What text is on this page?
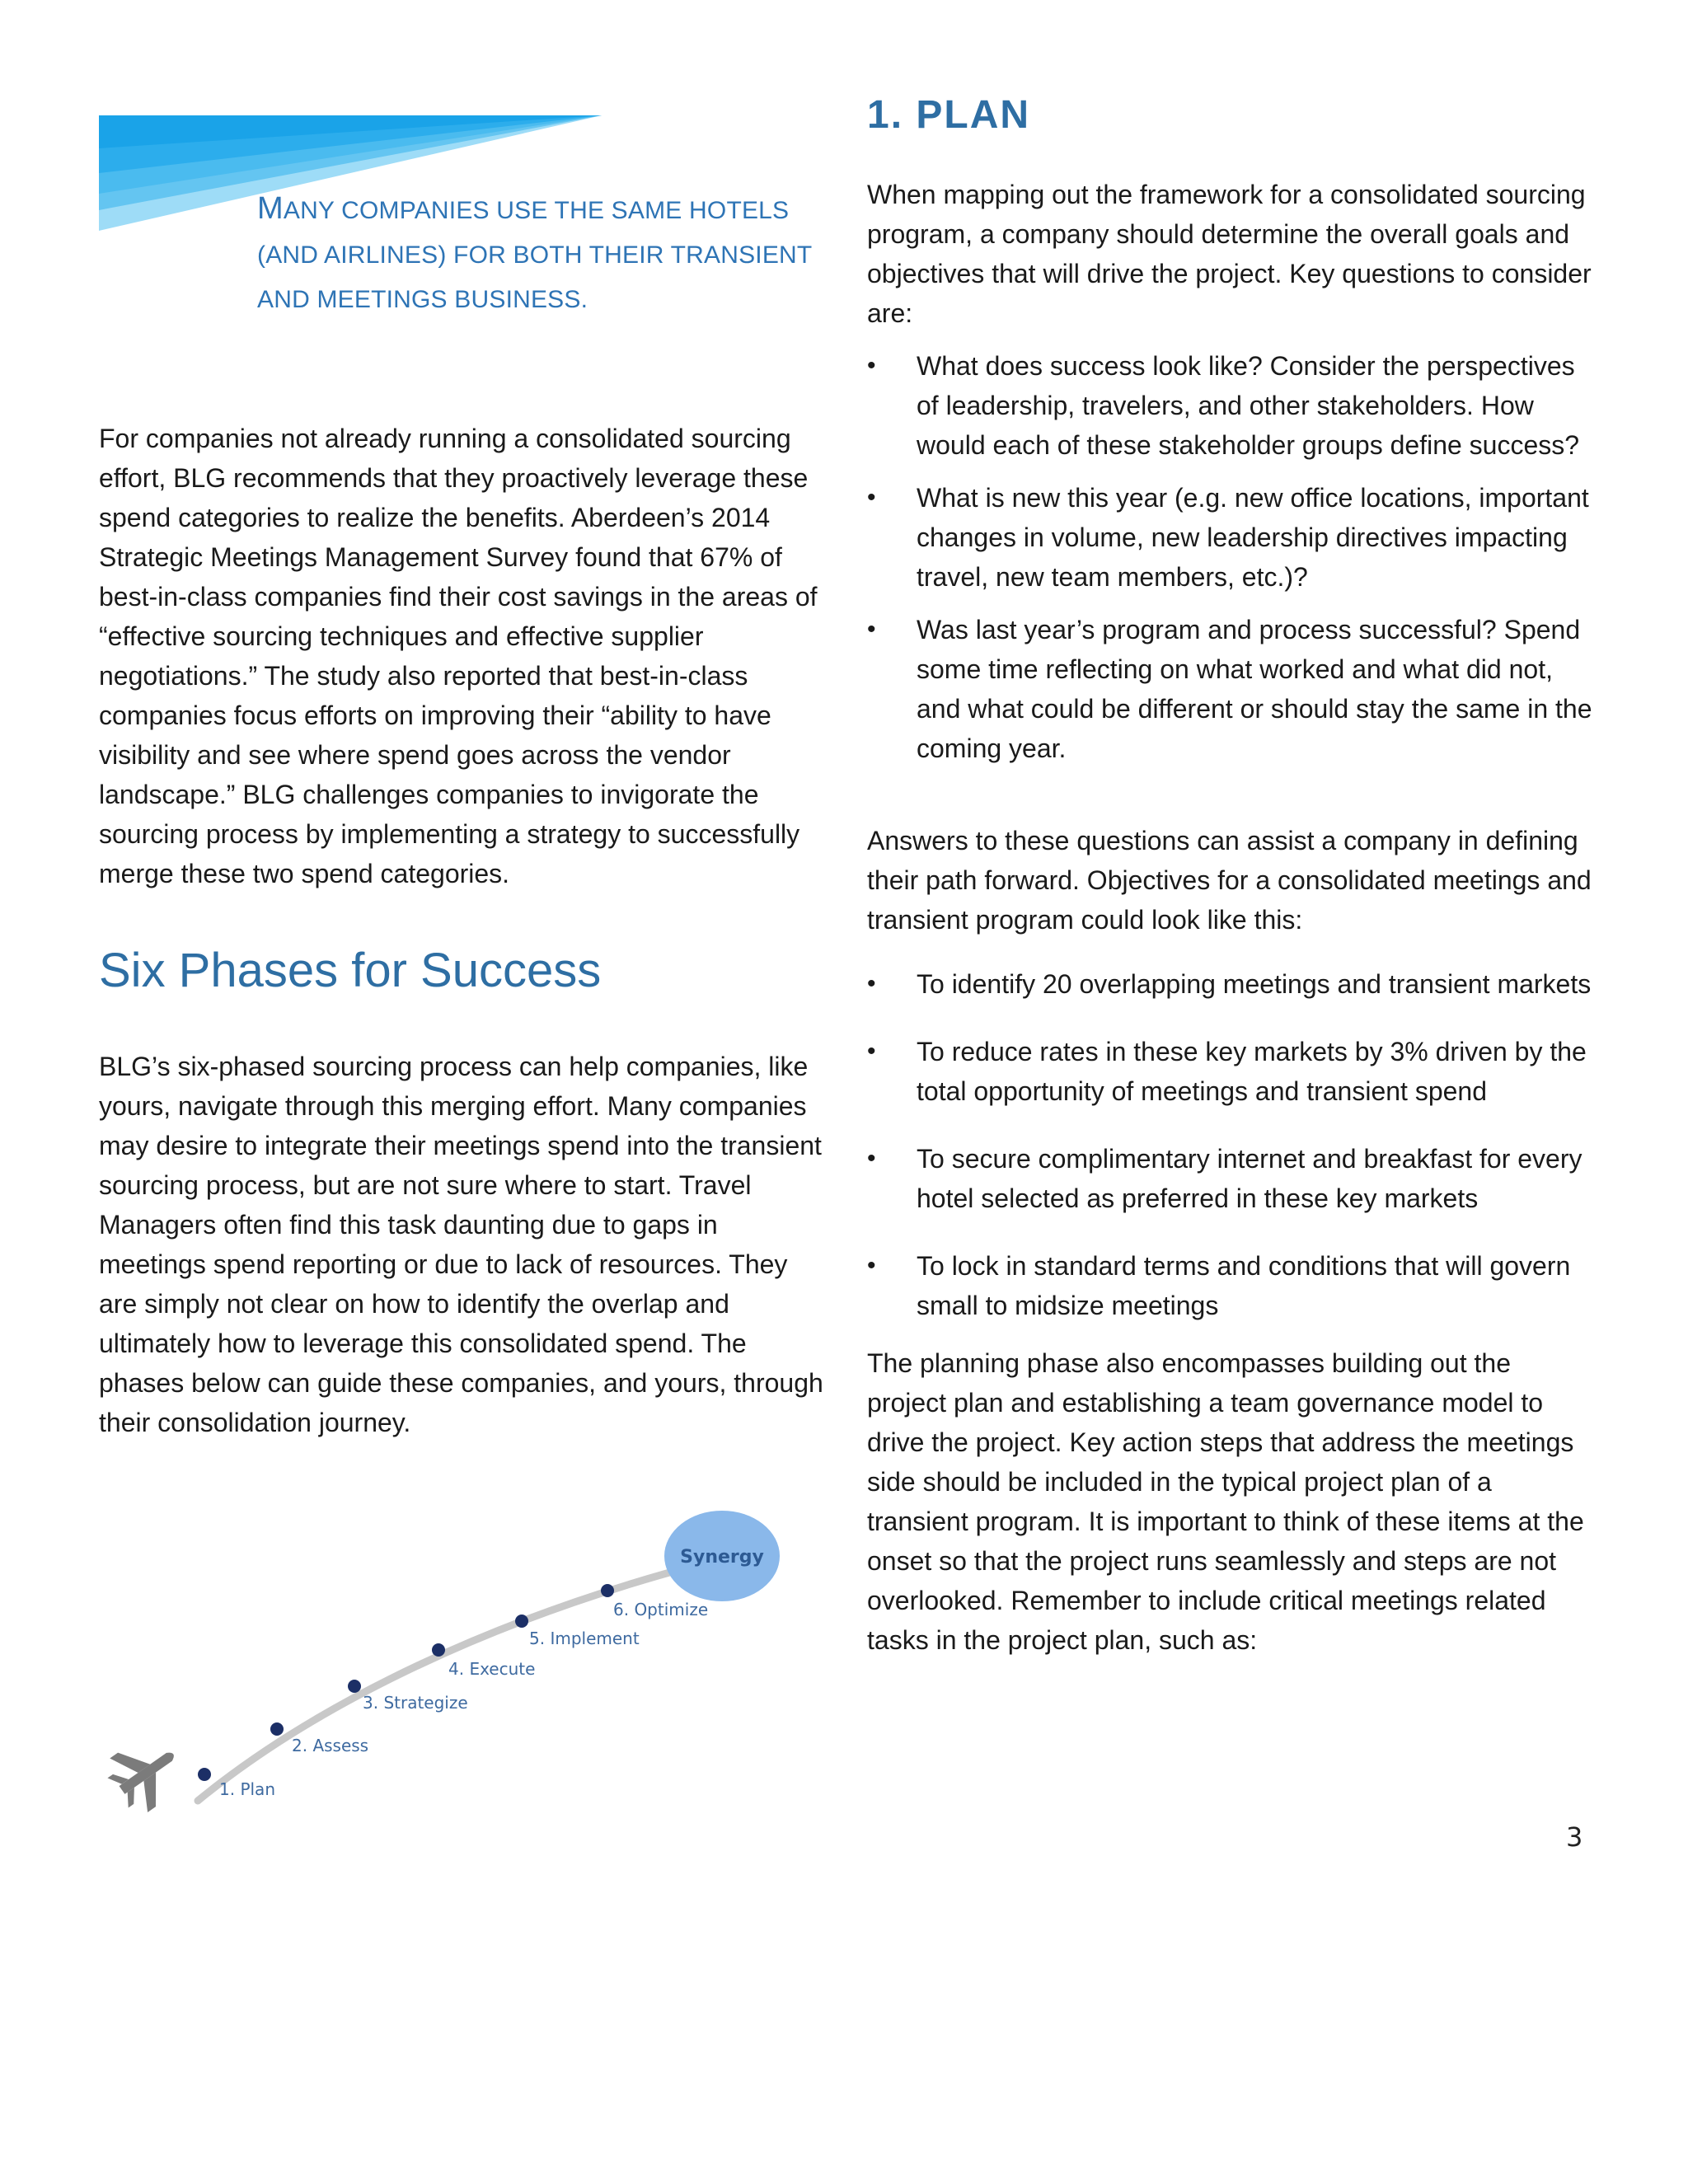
MANY COMPANIES USE THE SAME HOTELS (AND AIRLINES) FOR BOTH THEIR TRANSIENT AND MEETINGS BUSINESS.

For companies not already running a consolidated sourcing effort, BLG recommends that they proactively leverage these spend categories to realize the benefits. Aberdeen’s 2014 Strategic Meetings Management Survey found that 67% of best-in-class companies find their cost savings in the areas of “effective sourcing techniques and effective supplier negotiations.” The study also reported that best-in-class companies focus efforts on improving their “ability to have visibility and see where spend goes across the vendor landscape.” BLG challenges companies to invigorate the sourcing process by implementing a strategy to successfully merge these two spend categories.

Six Phases for Success

BLG’s six-phased sourcing process can help companies, like yours, navigate through this merging effort. Many companies may desire to integrate their meetings spend into the transient sourcing process, but are not sure where to start. Travel Managers often find this task daunting due to gaps in meetings spend reporting or due to lack of resources. They are simply not clear on how to identify the overlap and ultimately how to leverage this consolidated spend. The phases below can guide these companies, and yours, through their consolidation journey.

Synergy
1. Plan
2. Assess
3. Strategize
4. Execute
5. Implement
6. Optimize
1. PLAN

When mapping out the framework for a consolidated sourcing program, a company should determine the overall goals and objectives that will drive the project. Key questions to consider are:

• What does success look like? Consider the perspectives of leadership, travelers, and other stakeholders. How would each of these stakeholder groups define success?
• What is new this year (e.g. new office locations, important changes in volume, new leadership directives impacting travel, new team members, etc.)?
• Was last year’s program and process successful? Spend some time reflecting on what worked and what did not, and what could be different or should stay the same in the coming year.

Answers to these questions can assist a company in defining their path forward. Objectives for a consolidated meetings and transient program could look like this:

• To identify 20 overlapping meetings and transient markets
• To reduce rates in these key markets by 3% driven by the total opportunity of meetings and transient spend
• To secure complimentary internet and breakfast for every hotel selected as preferred in these key markets
• To lock in standard terms and conditions that will govern small to midsize meetings

The planning phase also encompasses building out the project plan and establishing a team governance model to drive the project. Key action steps that address the meetings side should be included in the typical project plan of a transient program. It is important to think of these items at the onset so that the project runs seamlessly and steps are not overlooked. Remember to include critical meetings related tasks in the project plan, such as:

3
